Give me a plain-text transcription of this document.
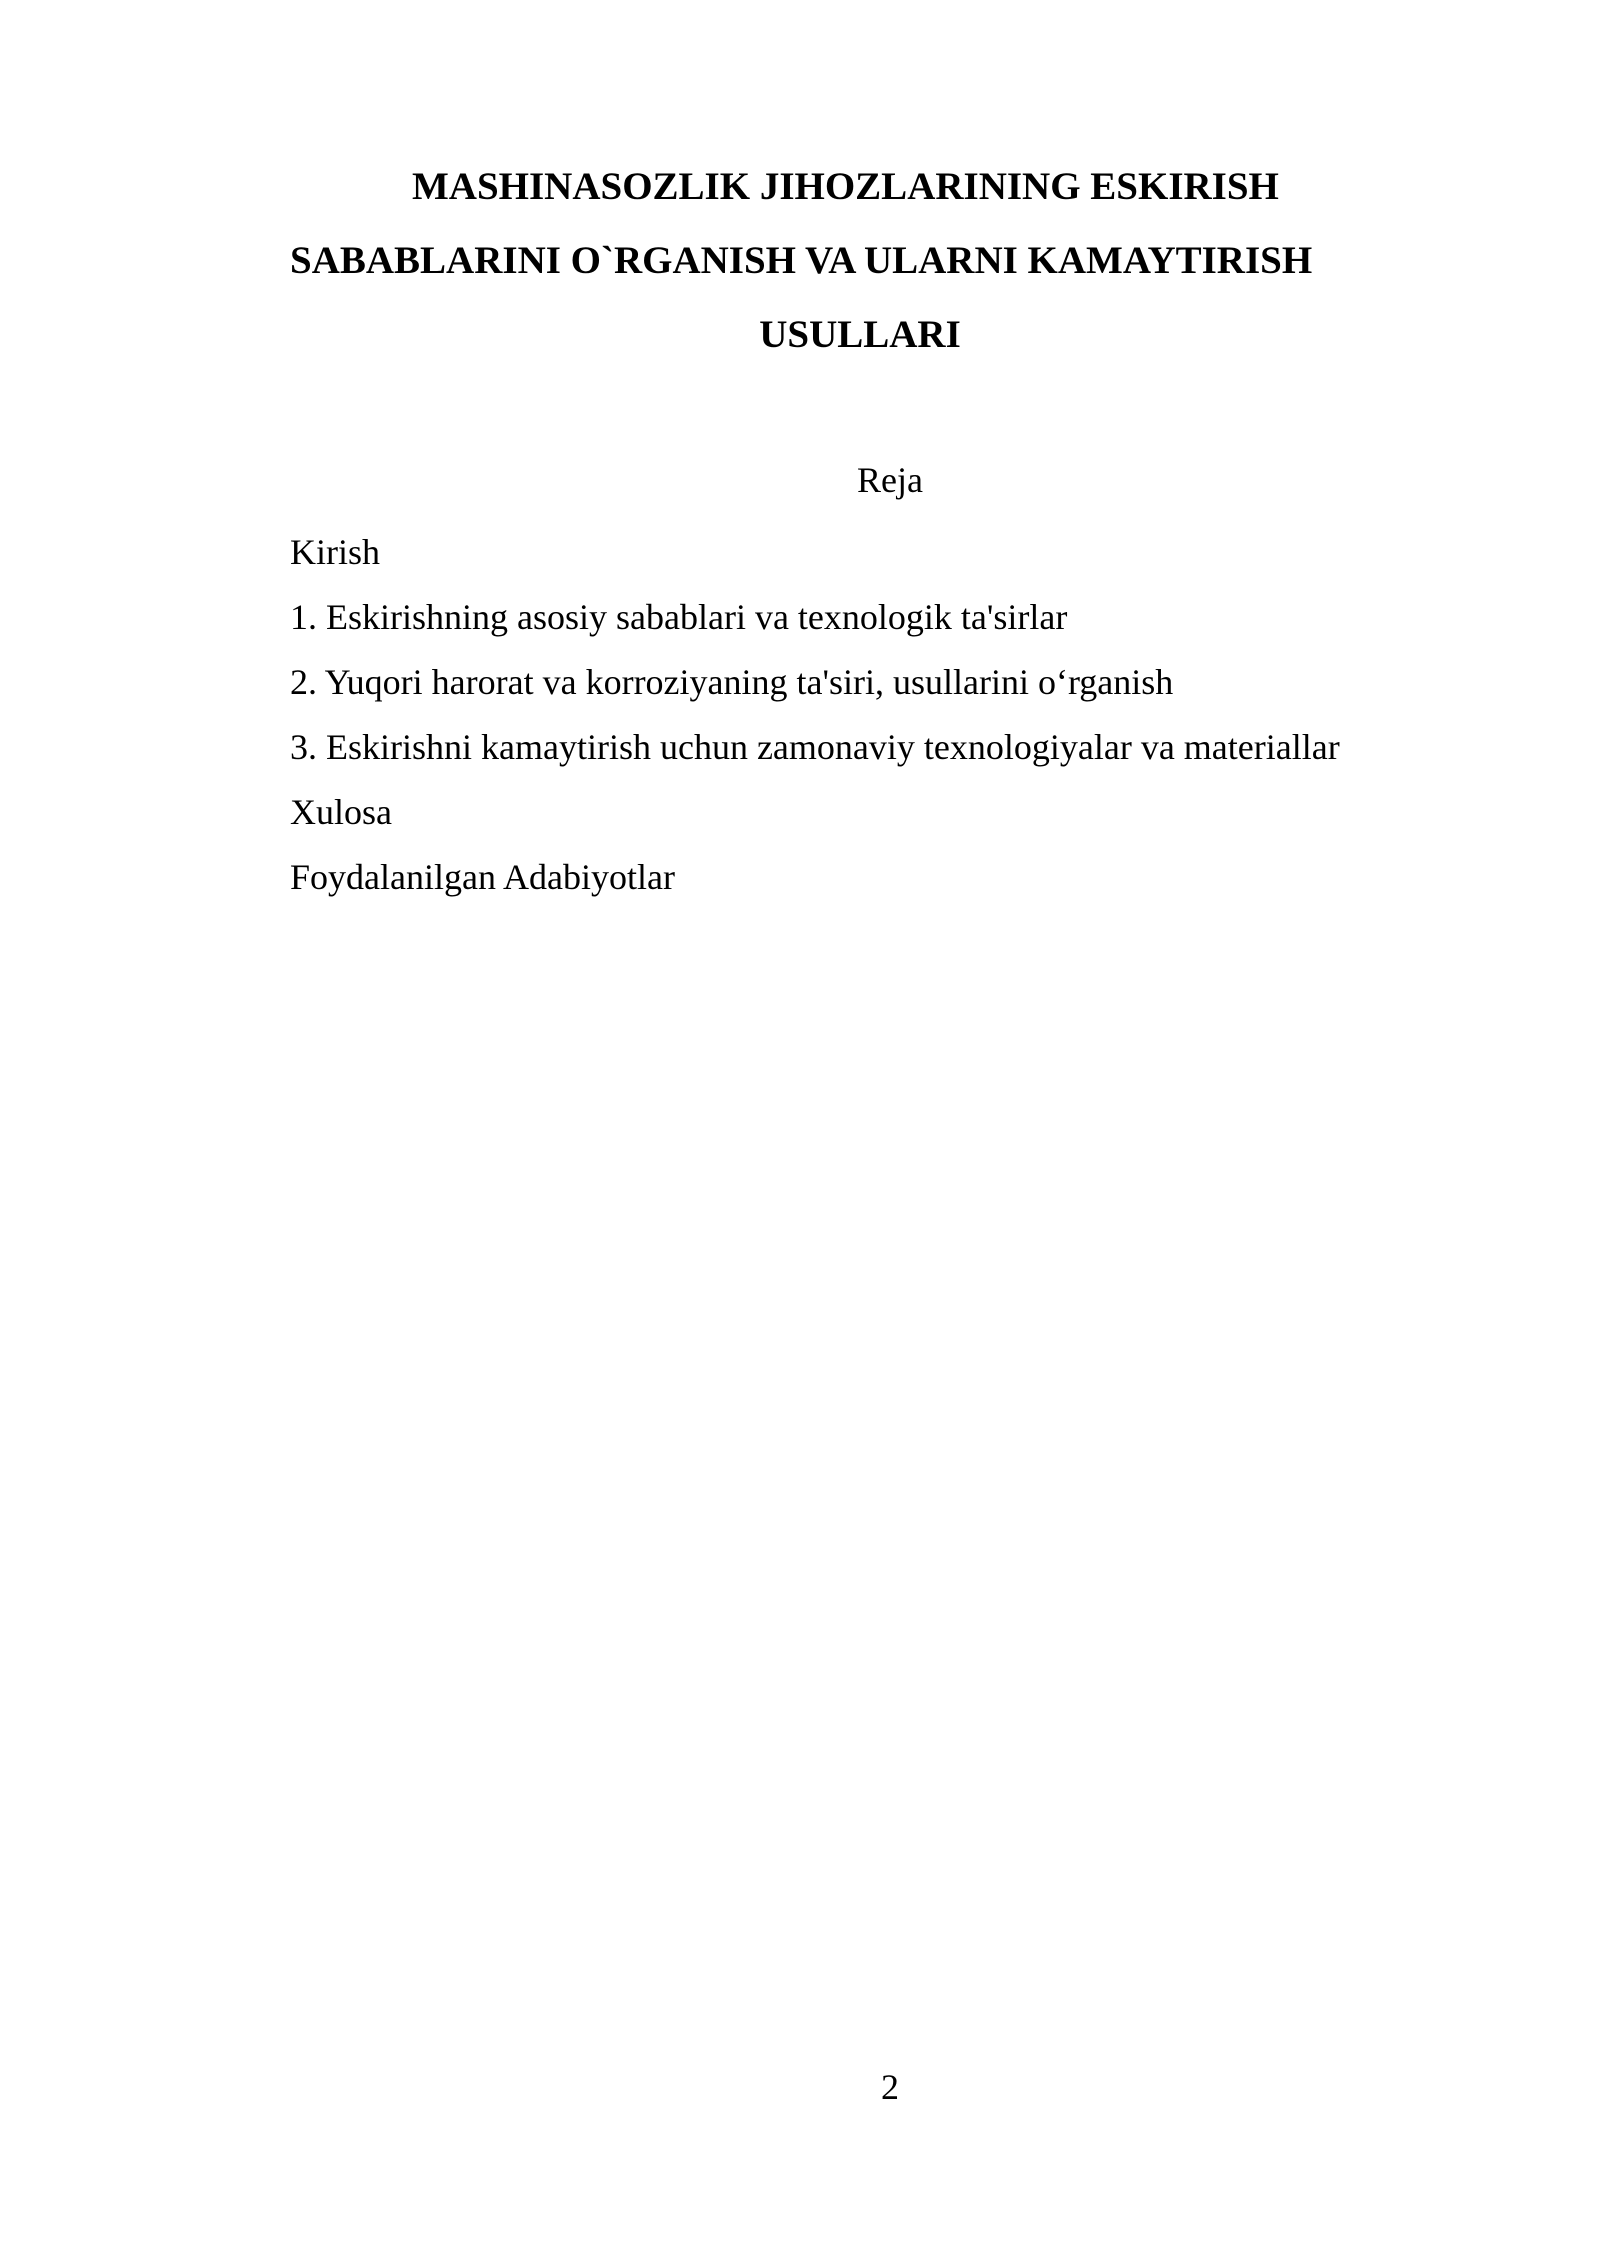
MASHINASOZLIK JIHOZLARINING ESKIRISH
SABABLARINI O`RGANISH VA ULARNI KAMAYTIRISH
USULLARI
Reja
Kirish
1. Eskirishning asosiy sabablari va texnologik ta'sirlar
2. Yuqori harorat va korroziyaning ta'siri, usullarini o‘rganish
3. Eskirishni kamaytirish uchun zamonaviy texnologiyalar va materiallar
Xulosa
Foydalanilgan Adabiyotlar
2
